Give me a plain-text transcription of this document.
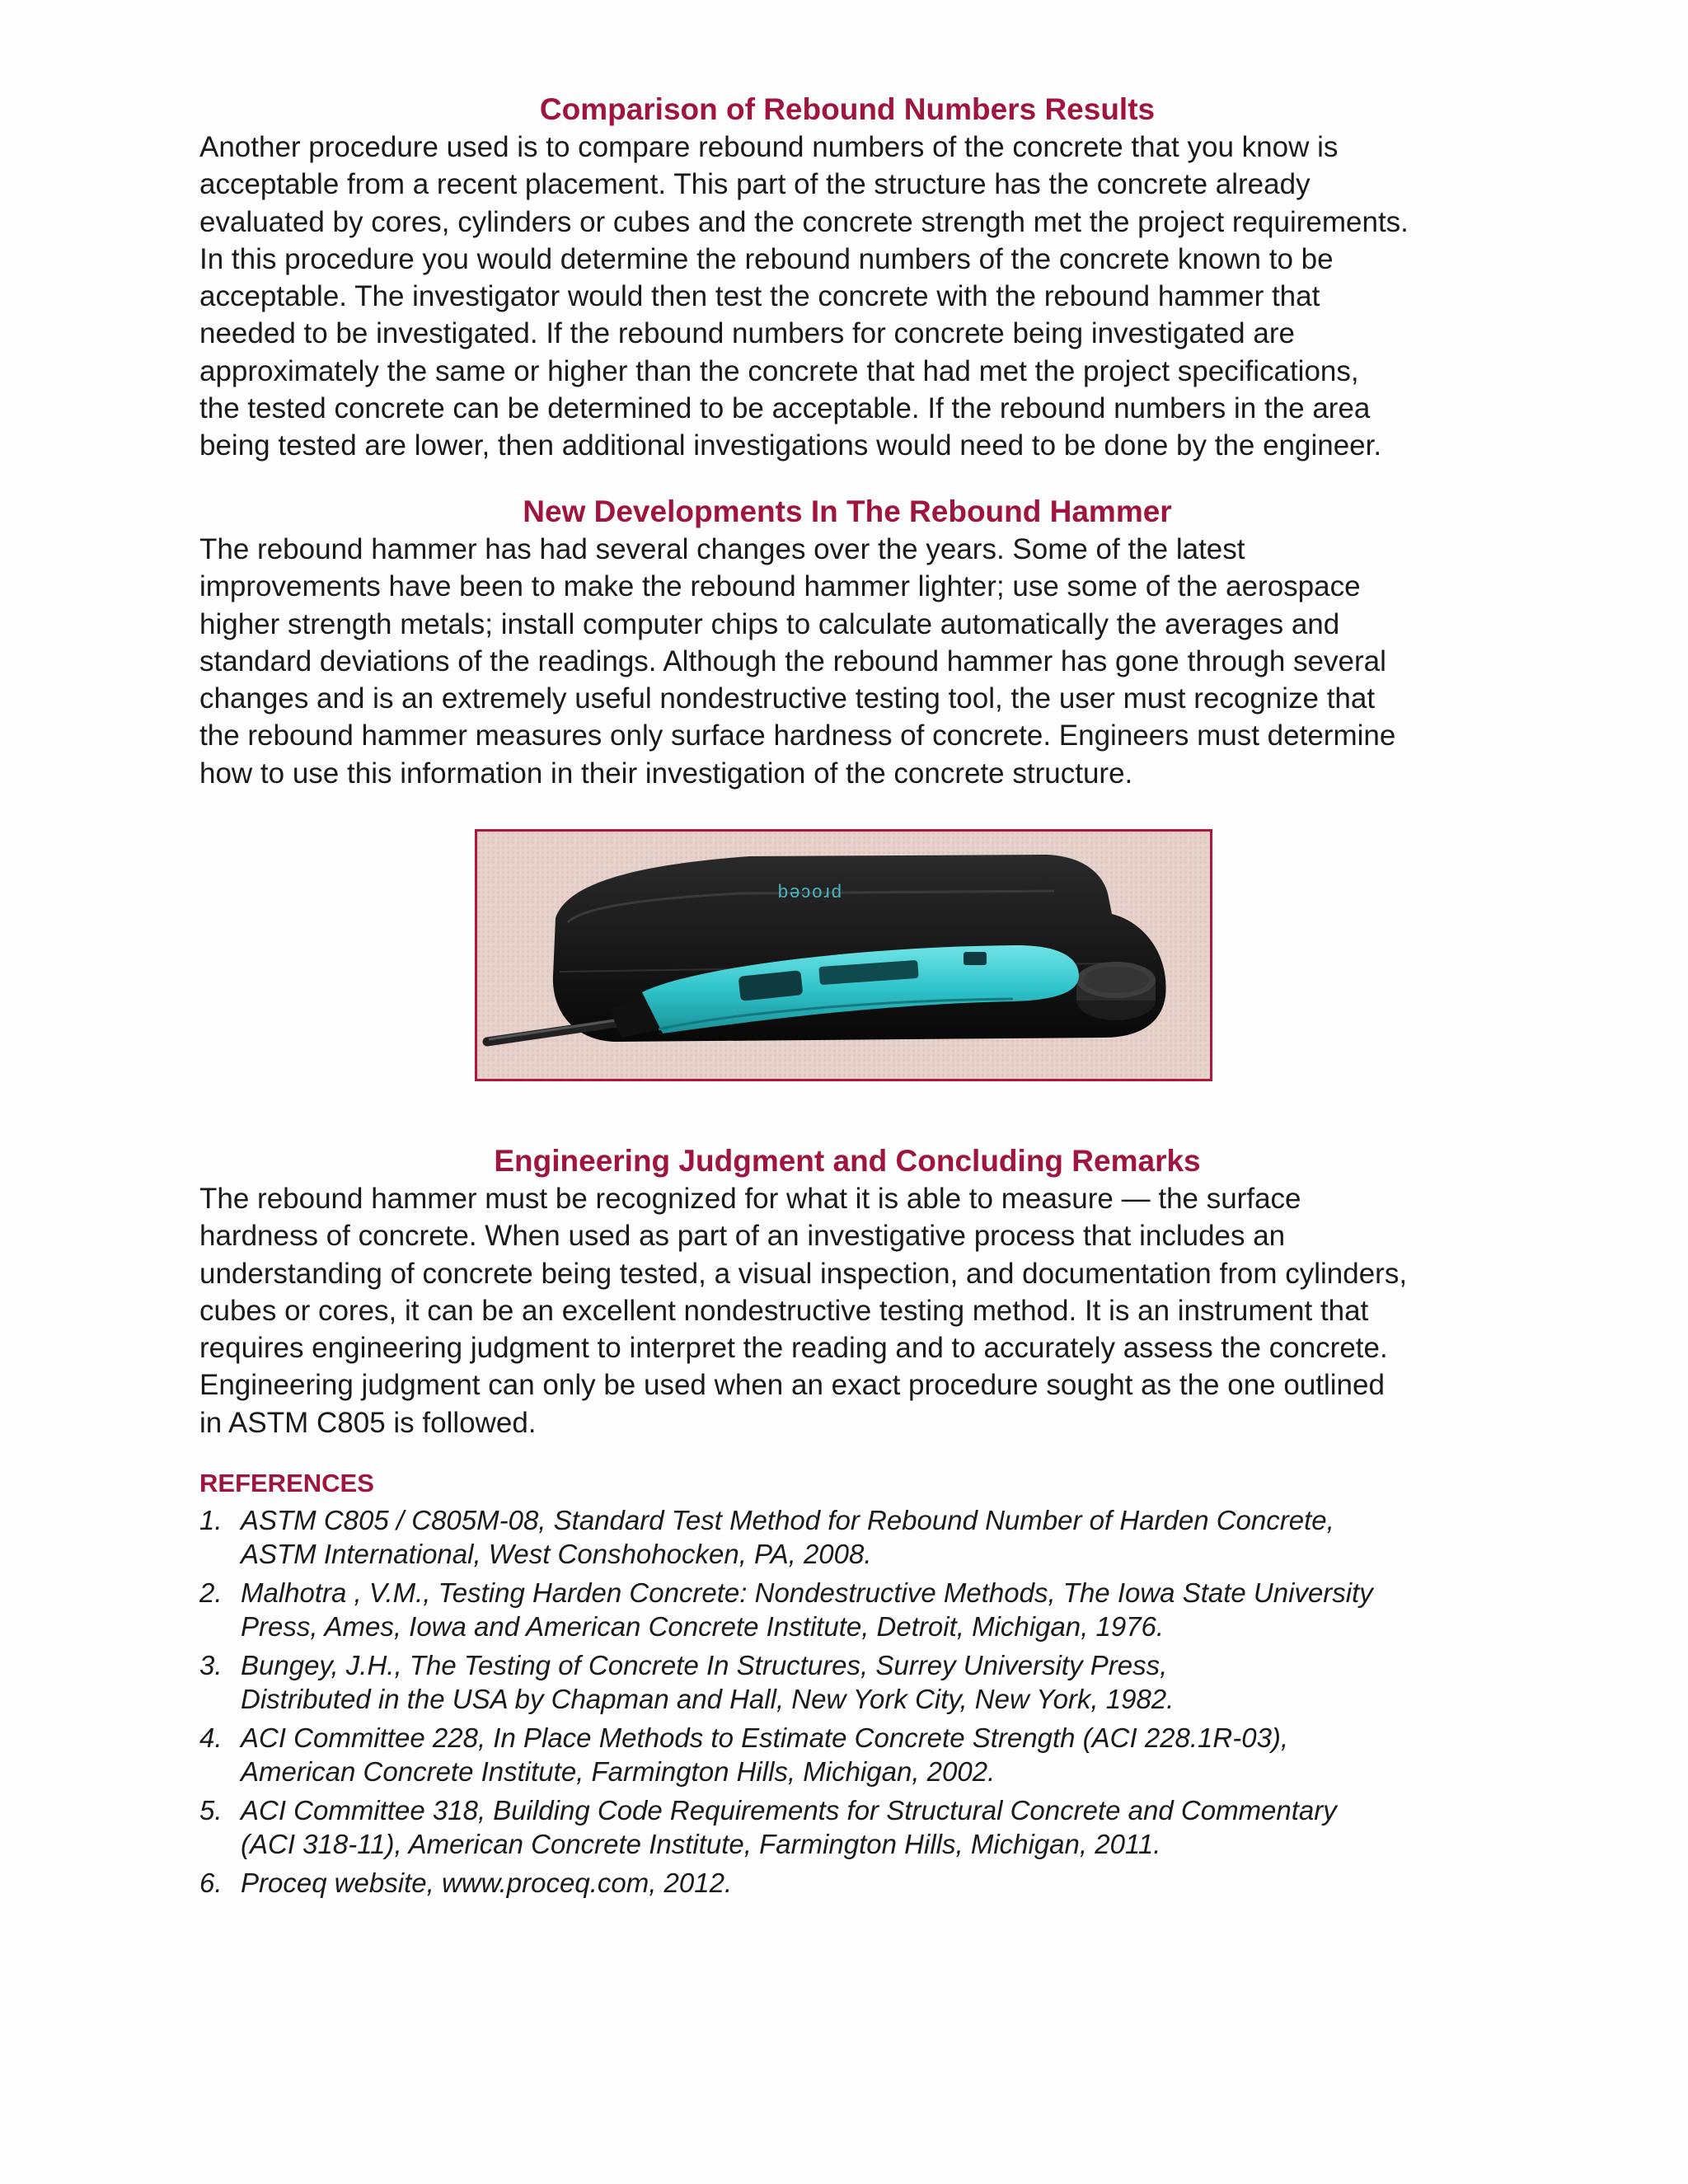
Comparison of Rebound Numbers Results

Another procedure used is to compare rebound numbers of the concrete that you know is
acceptable from a recent placement. This part of the structure has the concrete already
evaluated by cores, cylinders or cubes and the concrete strength met the project requirements.
In this procedure you would determine the rebound numbers of the concrete known to be
acceptable. The investigator would then test the concrete with the rebound hammer that
needed to be investigated. If the rebound numbers for concrete being investigated are
approximately the same or higher than the concrete that had met the project specifications,
the tested concrete can be determined to be acceptable. If the rebound numbers in the area
being tested are lower, then additional investigations would need to be done by the engineer.

New Developments In The Rebound Hammer

The rebound hammer has had several changes over the years. Some of the latest
improvements have been to make the rebound hammer lighter; use some of the aerospace
higher strength metals; install computer chips to calculate automatically the averages and
standard deviations of the readings. Although the rebound hammer has gone through several
changes and is an extremely useful nondestructive testing tool, the user must recognize that
the rebound hammer measures only surface hardness of concrete. Engineers must determine
how to use this information in their investigation of the concrete structure.

proceq
Engineering Judgment and Concluding Remarks

The rebound hammer must be recognized for what it is able to measure — the surface
hardness of concrete. When used as part of an investigative process that includes an
understanding of concrete being tested, a visual inspection, and documentation from cylinders,
cubes or cores, it can be an excellent nondestructive testing method. It is an instrument that
requires engineering judgment to interpret the reading and to accurately assess the concrete.
Engineering judgment can only be used when an exact procedure sought as the one outlined
in ASTM C805 is followed.

REFERENCES
1. ASTM C805 / C805M-08, Standard Test Method for Rebound Number of Harden Concrete,
ASTM International, West Conshohocken, PA, 2008.
2. Malhotra , V.M., Testing Harden Concrete: Nondestructive Methods, The Iowa State University
Press, Ames, Iowa and American Concrete Institute, Detroit, Michigan, 1976.
3. Bungey, J.H., The Testing of Concrete In Structures, Surrey University Press,
Distributed in the USA by Chapman and Hall, New York City, New York, 1982.
4. ACI Committee 228, In Place Methods to Estimate Concrete Strength (ACI 228.1R-03),
American Concrete Institute, Farmington Hills, Michigan, 2002.
5. ACI Committee 318, Building Code Requirements for Structural Concrete and Commentary
(ACI 318-11), American Concrete Institute, Farmington Hills, Michigan, 2011.
6. Proceq website, www.proceq.com, 2012.
